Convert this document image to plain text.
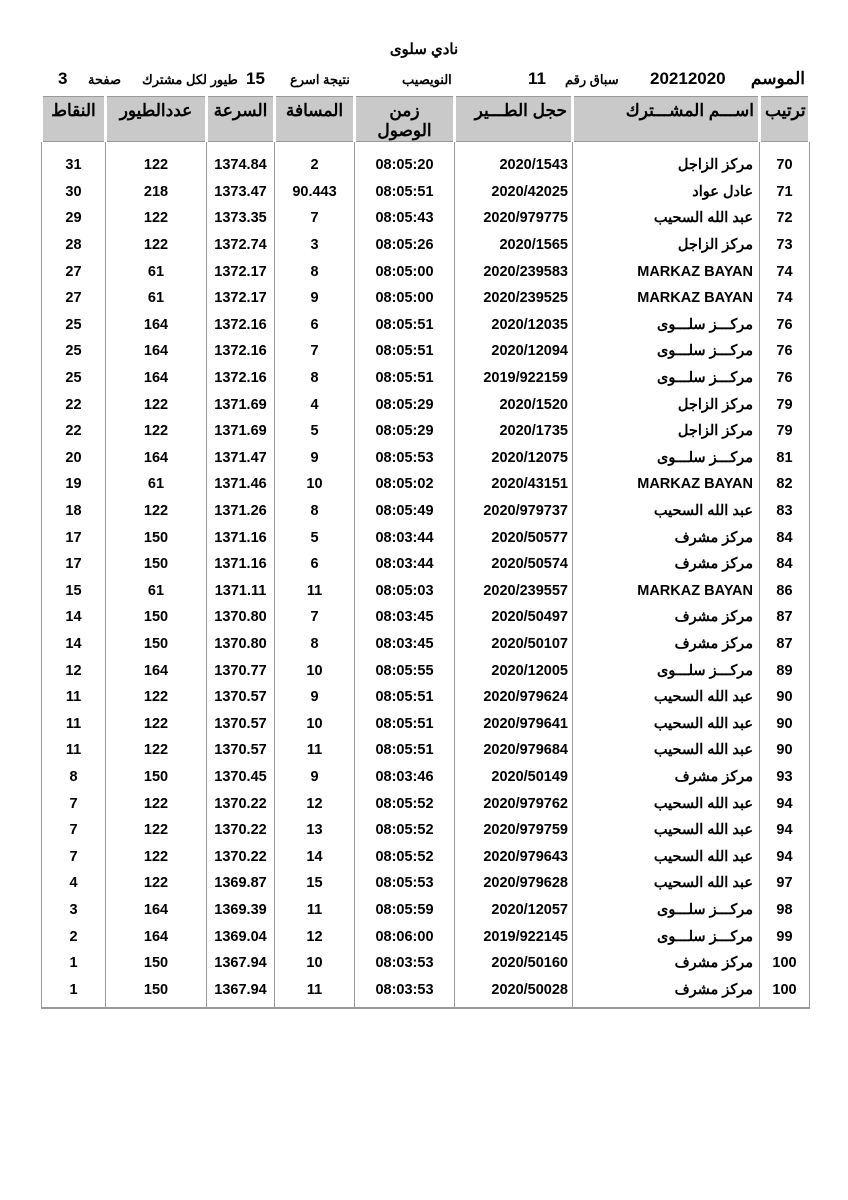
نادي سلوى
الموسم
20212020
سباق رقم
11
النويصيب
نتيجة اسرع
15
طيور لكل مشترك
صفحة
3
النقاط	عددالطيور	السرعة	المسافة	زمن الوصول	حجل الطـــير	اســـم المشـــترك	ترتيب
31	122	1374.84	2	08:05:20	2020/1543	مركز الزاجل	70
30	218	1373.47	90.443	08:05:51	2020/42025	عادل عواد	71
29	122	1373.35	7	08:05:43	2020/979775	عبد الله السحيب	72
28	122	1372.74	3	08:05:26	2020/1565	مركز الزاجل	73
27	61	1372.17	8	08:05:00	2020/239583	MARKAZ BAYAN	74
27	61	1372.17	9	08:05:00	2020/239525	MARKAZ BAYAN	74
25	164	1372.16	6	08:05:51	2020/12035	مركـــز سلـــوى	76
25	164	1372.16	7	08:05:51	2020/12094	مركـــز سلـــوى	76
25	164	1372.16	8	08:05:51	2019/922159	مركـــز سلـــوى	76
22	122	1371.69	4	08:05:29	2020/1520	مركز الزاجل	79
22	122	1371.69	5	08:05:29	2020/1735	مركز الزاجل	79
20	164	1371.47	9	08:05:53	2020/12075	مركـــز سلـــوى	81
19	61	1371.46	10	08:05:02	2020/43151	MARKAZ BAYAN	82
18	122	1371.26	8	08:05:49	2020/979737	عبد الله السحيب	83
17	150	1371.16	5	08:03:44	2020/50577	مركز مشرف	84
17	150	1371.16	6	08:03:44	2020/50574	مركز مشرف	84
15	61	1371.11	11	08:05:03	2020/239557	MARKAZ BAYAN	86
14	150	1370.80	7	08:03:45	2020/50497	مركز مشرف	87
14	150	1370.80	8	08:03:45	2020/50107	مركز مشرف	87
12	164	1370.77	10	08:05:55	2020/12005	مركـــز سلـــوى	89
11	122	1370.57	9	08:05:51	2020/979624	عبد الله السحيب	90
11	122	1370.57	10	08:05:51	2020/979641	عبد الله السحيب	90
11	122	1370.57	11	08:05:51	2020/979684	عبد الله السحيب	90
8	150	1370.45	9	08:03:46	2020/50149	مركز مشرف	93
7	122	1370.22	12	08:05:52	2020/979762	عبد الله السحيب	94
7	122	1370.22	13	08:05:52	2020/979759	عبد الله السحيب	94
7	122	1370.22	14	08:05:52	2020/979643	عبد الله السحيب	94
4	122	1369.87	15	08:05:53	2020/979628	عبد الله السحيب	97
3	164	1369.39	11	08:05:59	2020/12057	مركـــز سلـــوى	98
2	164	1369.04	12	08:06:00	2019/922145	مركـــز سلـــوى	99
1	150	1367.94	10	08:03:53	2020/50160	مركز مشرف	100
1	150	1367.94	11	08:03:53	2020/50028	مركز مشرف	100
